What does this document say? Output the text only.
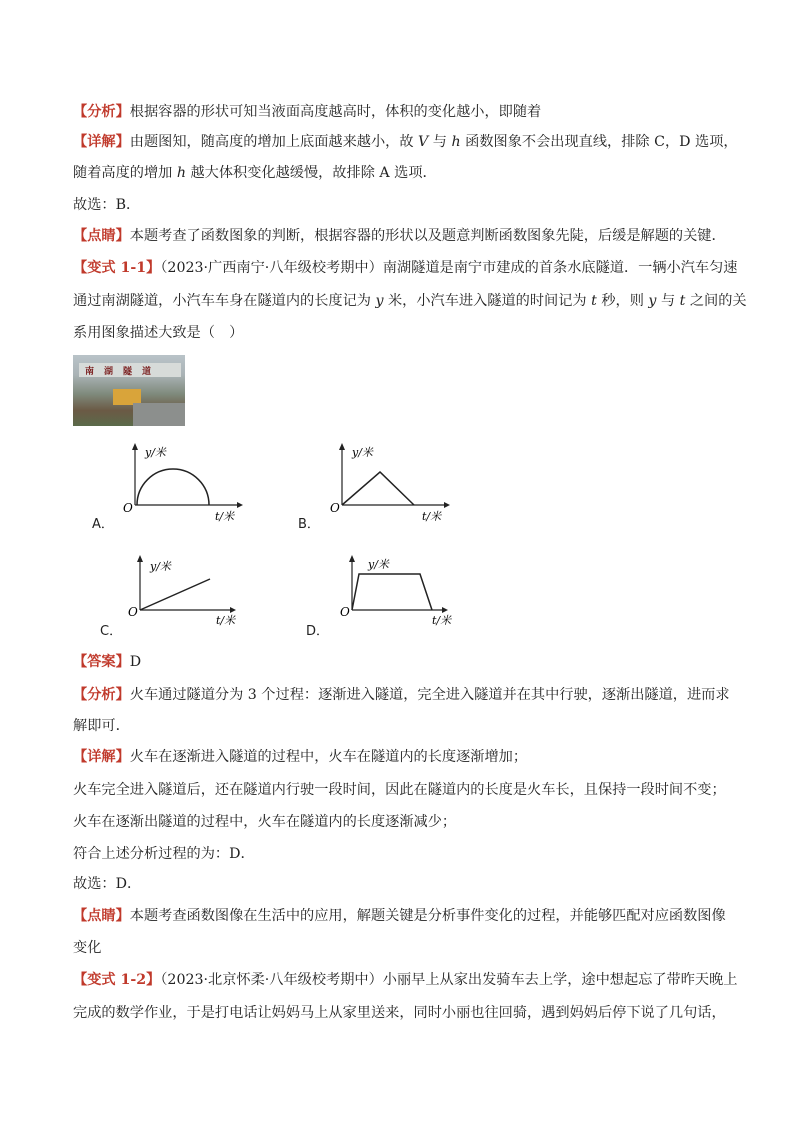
【分析】根据容器的形状可知当液面高度越高时，体积的变化越小，即随着
【详解】由题图知，随高度的增加上底面越来越小，故 V 与 h 函数图象不会出现直线，排除 C，D 选项，
随着高度的增加 h 越大体积变化越缓慢，故排除 A 选项．
故选：B．
【点睛】本题考查了函数图象的判断，根据容器的形状以及题意判断函数图象先陡，后缓是解题的关键．
【变式 1-1】（2023·广西南宁·八年级校考期中）南湖隧道是南宁市建成的首条水底隧道．一辆小汽车匀速
通过南湖隧道，小汽车车身在隧道内的长度记为 y 米，小汽车进入隧道的时间记为 t 秒，则 y 与 t 之间的关
系用图象描述大致是（　）
南湖隧道
y/米
O
t/米
A．
y/米
O
t/米
B．
y/米
O
t/米
C．
y/米
O
t/米
D．
【答案】D
【分析】火车通过隧道分为 3 个过程：逐渐进入隧道，完全进入隧道并在其中行驶，逐渐出隧道，进而求
解即可．
【详解】火车在逐渐进入隧道的过程中，火车在隧道内的长度逐渐增加；
火车完全进入隧道后，还在隧道内行驶一段时间，因此在隧道内的长度是火车长，且保持一段时间不变；
火车在逐渐出隧道的过程中，火车在隧道内的长度逐渐减少；
符合上述分析过程的为：D．
故选：D．
【点睛】本题考查函数图像在生活中的应用，解题关键是分析事件变化的过程，并能够匹配对应函数图像
变化
【变式 1-2】（2023·北京怀柔·八年级校考期中）小丽早上从家出发骑车去上学，途中想起忘了带昨天晚上
完成的数学作业，于是打电话让妈妈马上从家里送来，同时小丽也往回骑，遇到妈妈后停下说了几句话，
